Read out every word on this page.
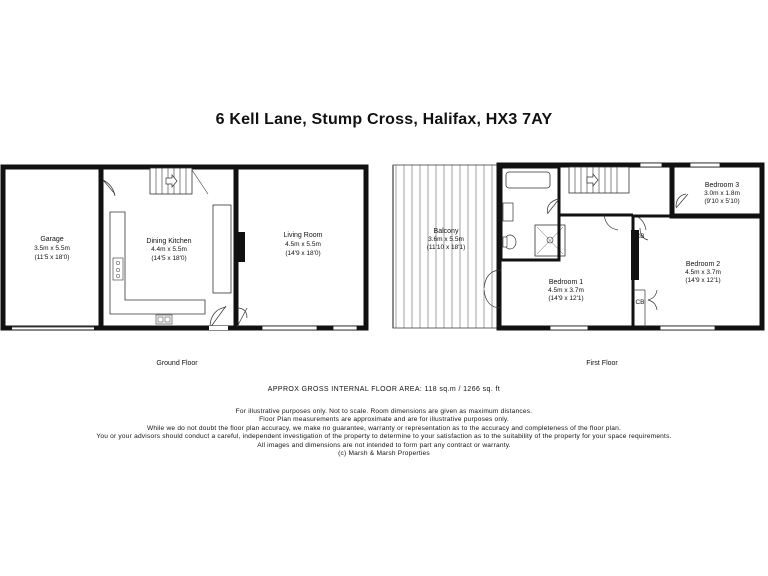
6 Kell Lane, Stump Cross, Halifax, HX3 7AY
Garage
3.5m x 5.5m
(11'5 x 18'0)
Dining Kitchen
4.4m x 5.5m
(14'5 x 18'0)
Living Room
4.5m x 5.5m
(14'9 x 18'0)
Ground Floor
Balcony
3.6m x 5.5m
(11'10 x 18'1)
Bedroom 1
4.5m x 3.7m
(14'9 x 12'1)
Bedroom 2
4.5m x 3.7m
(14'9 x 12'1)
Bedroom 3
3.0m x 1.8m
(9'10 x 5'10)
CB
CB
First Floor
APPROX GROSS INTERNAL FLOOR AREA: 118 sq.m / 1266 sq. ft
For illustrative purposes only. Not to scale. Room dimensions are given as maximum distances.
Floor Plan measurements are approximate and are for illustrative purposes only.
While we do not doubt the floor plan accuracy, we make no guarantee, warranty or representation as to the accuracy and completeness of the floor plan.
You or your advisors should conduct a careful, independent investigation of the property to determine to your satisfaction as to the suitability of the property for your space requirements.
All images and dimensions are not intended to form part any contract or warranty.
(c) Marsh & Marsh Properties
